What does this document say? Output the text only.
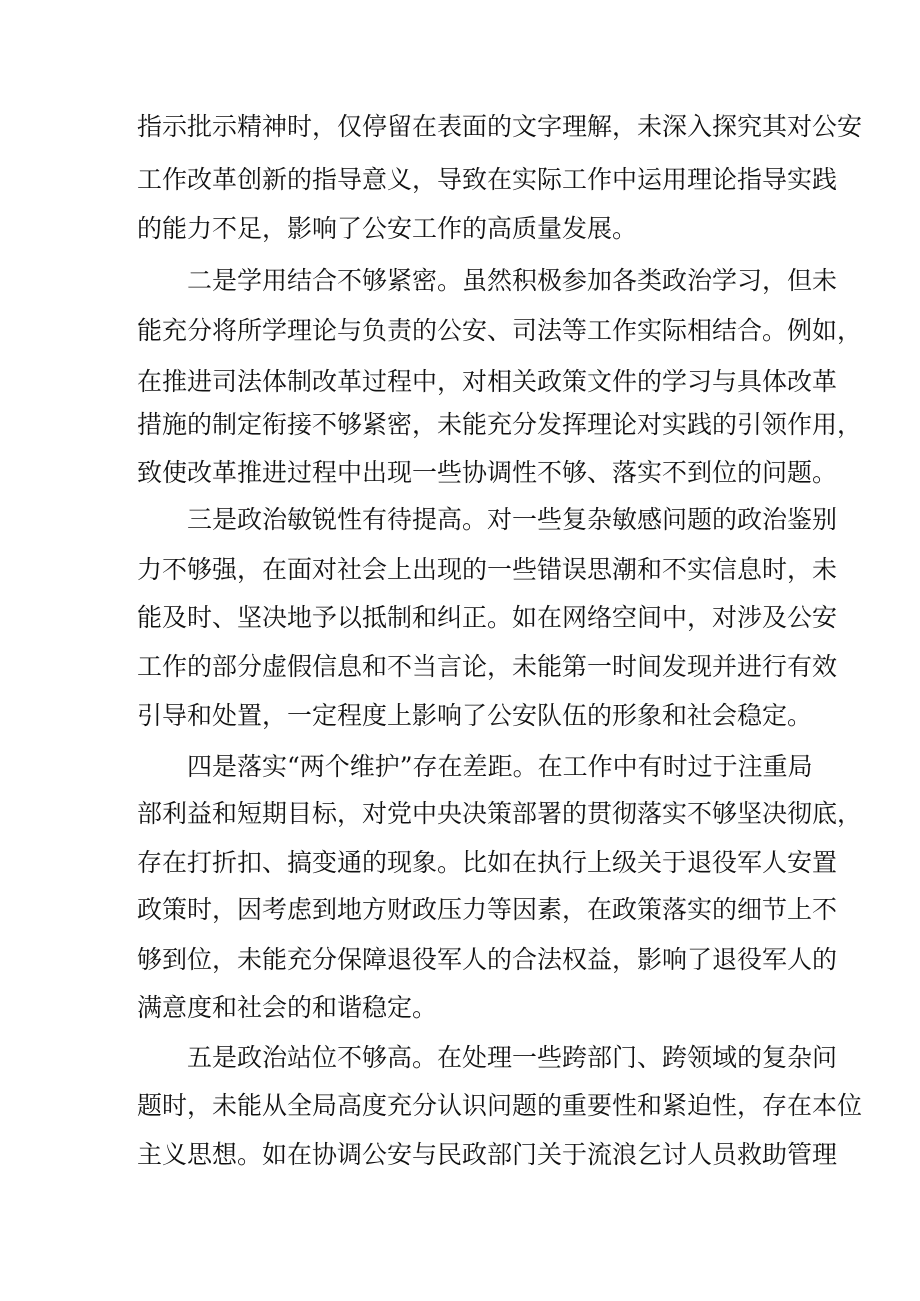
指示批示精神时，仅停留在表面的文字理解，未深入探究其对公安
工作改革创新的指导意义，导致在实际工作中运用理论指导实践
的能力不足，影响了公安工作的高质量发展。
二是学用结合不够紧密。虽然积极参加各类政治学习，但未
能充分将所学理论与负责的公安、司法等工作实际相结合。例如，
在推进司法体制改革过程中，对相关政策文件的学习与具体改革
措施的制定衔接不够紧密，未能充分发挥理论对实践的引领作用，
致使改革推进过程中出现一些协调性不够、落实不到位的问题。
三是政治敏锐性有待提高。对一些复杂敏感问题的政治鉴别
力不够强，在面对社会上出现的一些错误思潮和不实信息时，未
能及时、坚决地予以抵制和纠正。如在网络空间中，对涉及公安
工作的部分虚假信息和不当言论，未能第一时间发现并进行有效
引导和处置，一定程度上影响了公安队伍的形象和社会稳定。
四是落实“两个维护”存在差距。在工作中有时过于注重局
部利益和短期目标，对党中央决策部署的贯彻落实不够坚决彻底，
存在打折扣、搞变通的现象。比如在执行上级关于退役军人安置
政策时，因考虑到地方财政压力等因素，在政策落实的细节上不
够到位，未能充分保障退役军人的合法权益，影响了退役军人的
满意度和社会的和谐稳定。
五是政治站位不够高。在处理一些跨部门、跨领域的复杂问
题时，未能从全局高度充分认识问题的重要性和紧迫性，存在本位
主义思想。如在协调公安与民政部门关于流浪乞讨人员救助管理
